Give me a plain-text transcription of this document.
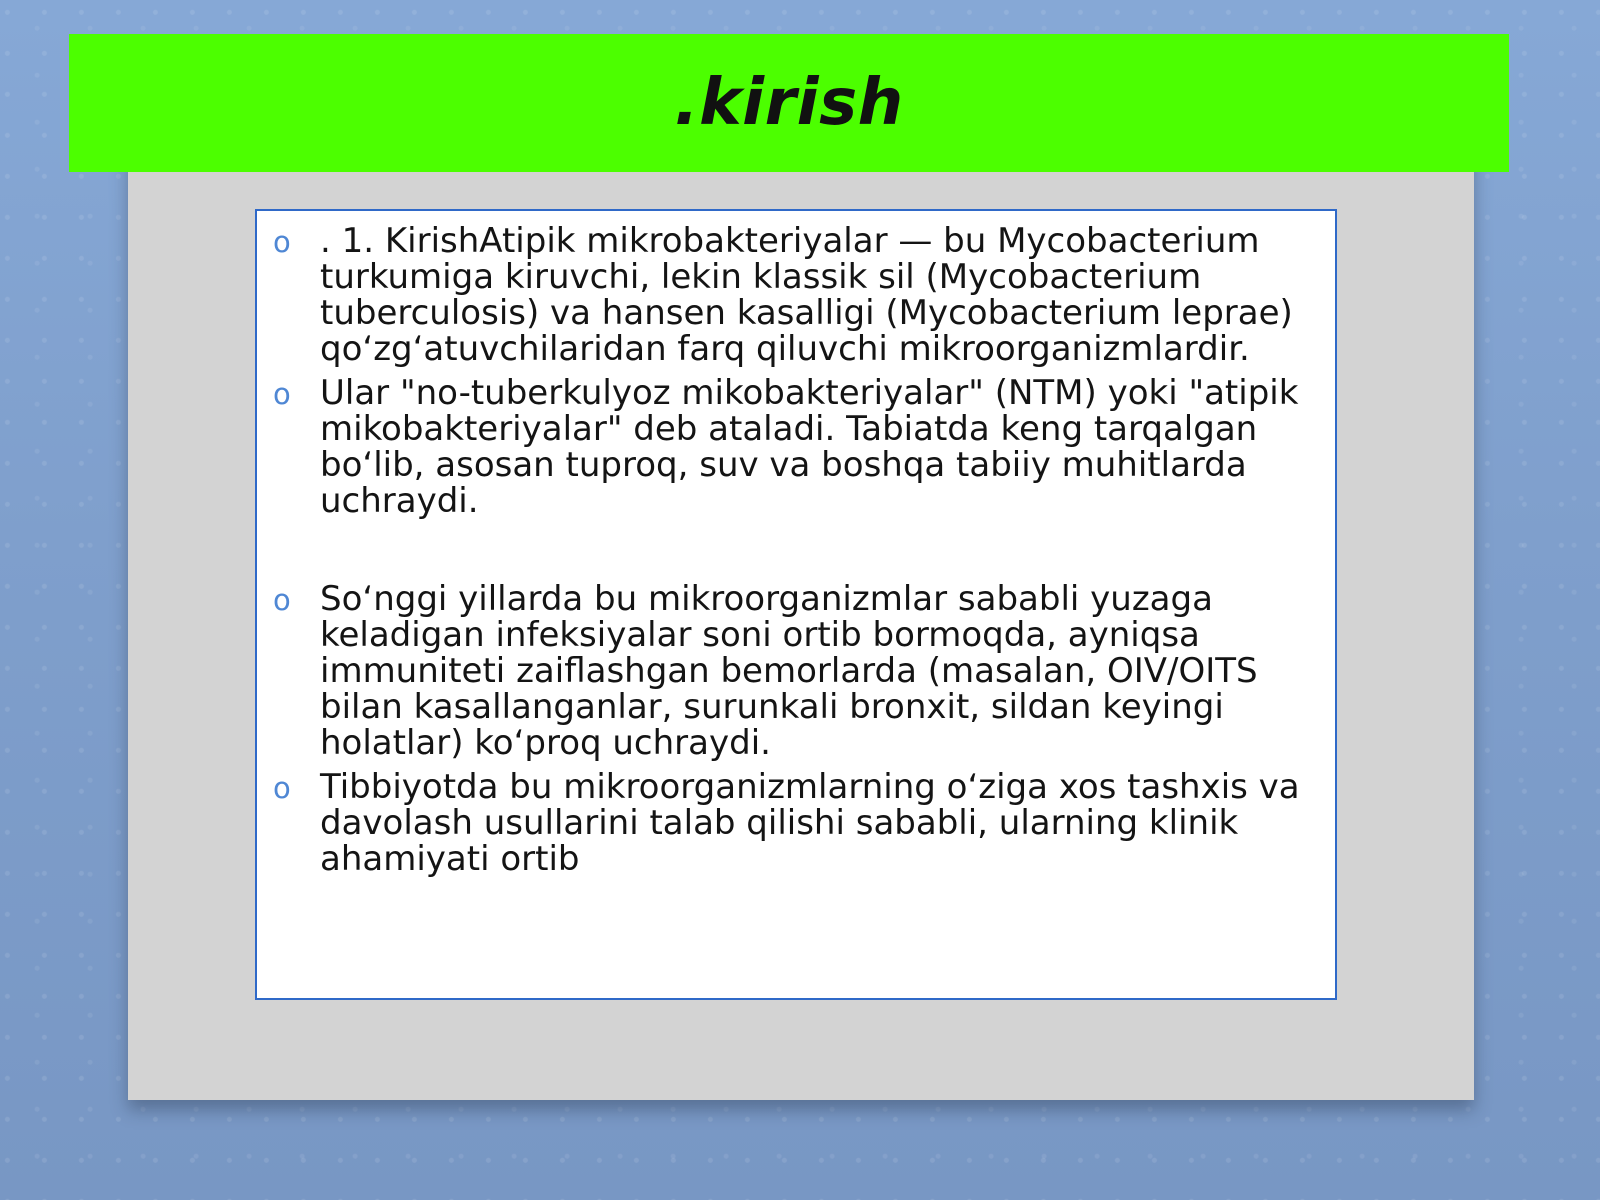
.kirish
o . 1. KirishAtipik mikrobakteriyalar — bu Mycobacterium turkumiga kiruvchi, lekin klassik sil (Mycobacterium tuberculosis) va hansen kasalligi (Mycobacterium leprae) qo‘zg‘atuvchilaridan farq qiluvchi mikroorganizmlardir.
o Ular "no-tuberkulyoz mikobakteriyalar" (NTM) yoki "atipik mikobakteriyalar" deb ataladi. Tabiatda keng tarqalgan bo‘lib, asosan tuproq, suv va boshqa tabiiy muhitlarda uchraydi.
o So‘nggi yillarda bu mikroorganizmlar sababli yuzaga keladigan infeksiyalar soni ortib bormoqda, ayniqsa immuniteti zaiflashgan bemorlarda (masalan, OIV/OITS bilan kasallanganlar, surunkali bronxit, sildan keyingi holatlar) ko‘proq uchraydi.
o Tibbiyotda bu mikroorganizmlarning o‘ziga xos tashxis va davolash usullarini talab qilishi sababli, ularning klinik ahamiyati ortib
